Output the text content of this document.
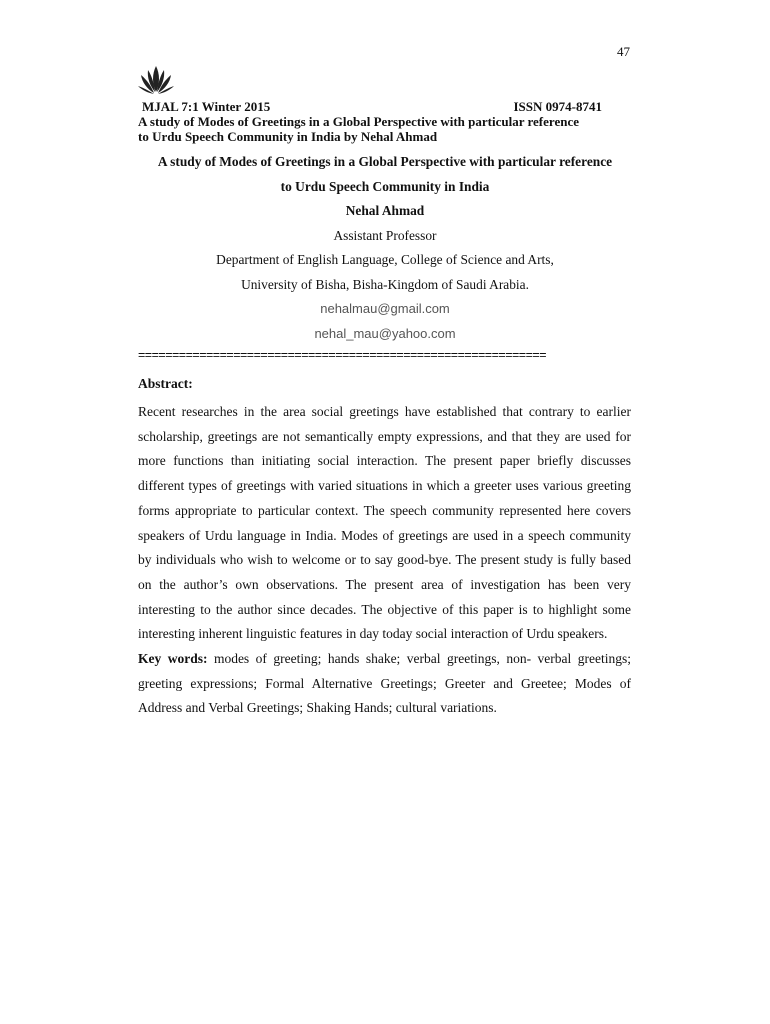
47
MJAL 7:1 Winter 2015	ISSN 0974-8741
A study of Modes of Greetings in a Global Perspective with particular reference
to Urdu Speech Community in India by Nehal Ahmad
A study of Modes of Greetings in a Global Perspective with particular reference
to Urdu Speech Community in India
Nehal Ahmad
Assistant Professor
Department of English Language, College of Science and Arts,
University of Bisha, Bisha-Kingdom of Saudi Arabia.
nehalmau@gmail.com
nehal_mau@yahoo.com
============================================================
Abstract:

Recent researches in the area social greetings have established that contrary to earlier scholarship, greetings are not semantically empty expressions, and that they are used for more functions than initiating social interaction. The present paper briefly discusses different types of greetings with varied situations in which a greeter uses various greeting forms appropriate to particular context. The speech community represented here covers speakers of Urdu language in India. Modes of greetings are used in a speech community by individuals who wish to welcome or to say good-bye. The present study is fully based on the author’s own observations. The present area of investigation has been very interesting to the author since decades. The objective of this paper is to highlight some interesting inherent linguistic features in day today social interaction of Urdu speakers.

Key words: modes of greeting; hands shake; verbal greetings, non- verbal greetings; greeting expressions; Formal Alternative Greetings; Greeter and Greetee; Modes of Address and Verbal Greetings; Shaking Hands; cultural variations.
